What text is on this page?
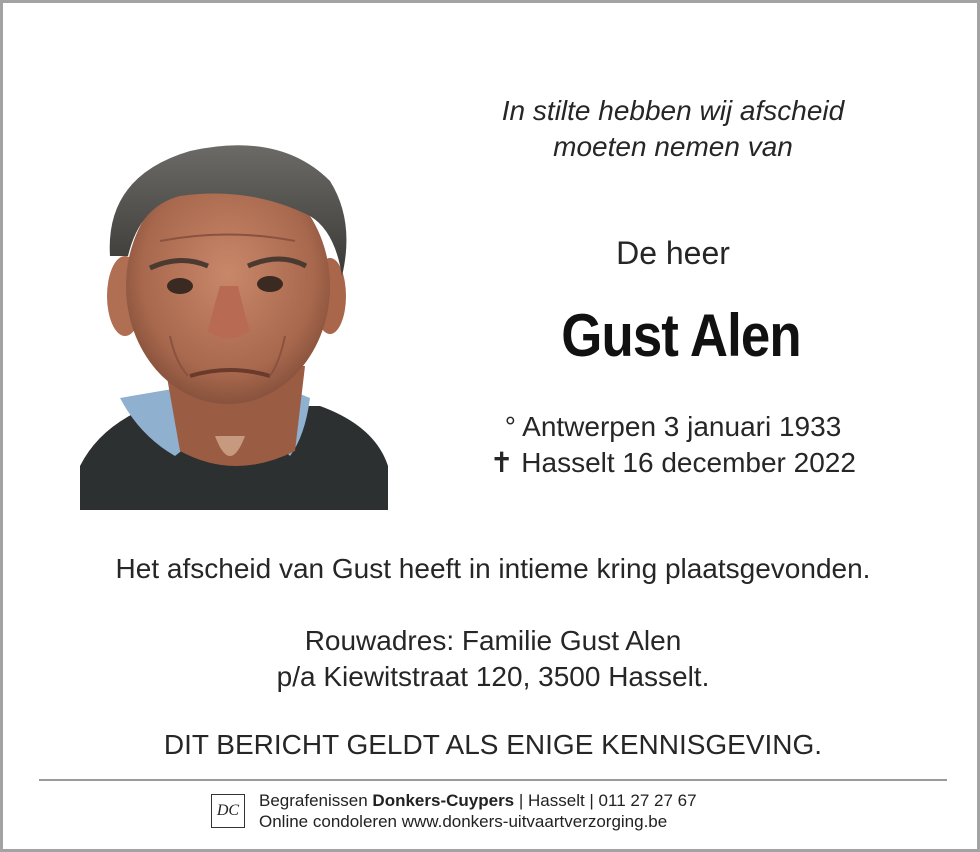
In stilte hebben wij afscheid
moeten nemen van
De heer
Gust Alen
° Antwerpen 3 januari 1933
✝ Hasselt 16 december 2022
Het afscheid van Gust heeft in intieme kring plaatsgevonden.
Rouwadres: Familie Gust Alen
p/a Kiewitstraat 120, 3500 Hasselt.
DIT BERICHT GELDT ALS ENIGE KENNISGEVING.
DC
Begrafenissen Donkers-Cuypers | Hasselt | 011 27 27 67
Online condoleren www.donkers-uitvaartverzorging.be
